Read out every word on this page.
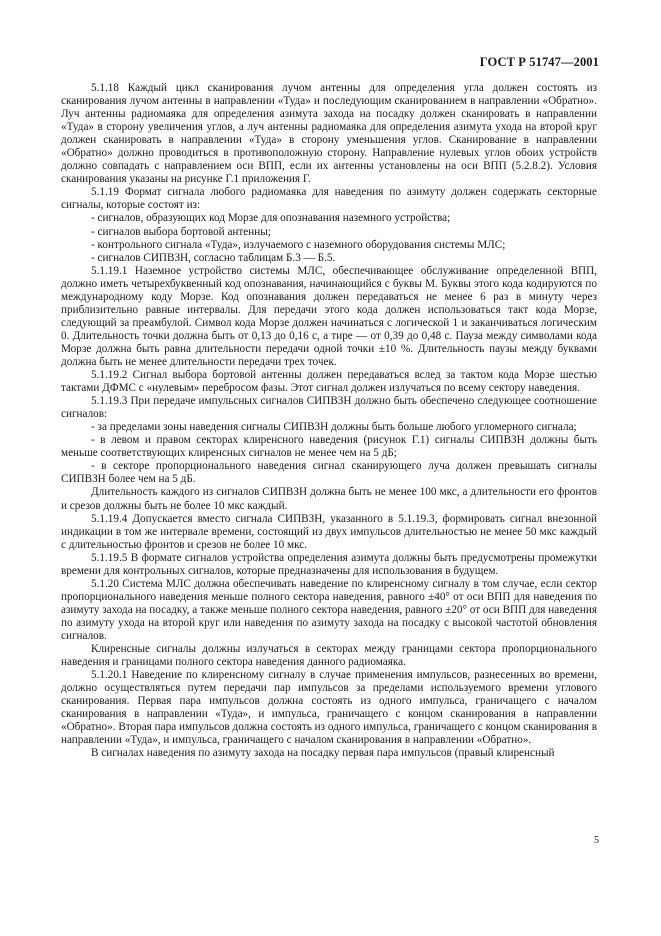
ГОСТ Р 51747—2001

5.1.18 Каждый цикл сканирования лучом антенны для определения угла должен состоять из сканирования лучом антенны в направлении «Туда» и последующим сканированием в направлении «Обратно». Луч антенны радиомаяка для определения азимута захода на посадку должен сканировать в направлении «Туда» в сторону увеличения углов, а луч антенны радиомаяка для определения азимута ухода на второй круг должен сканировать в направлении «Туда» в сторону уменьшения углов. Сканирование в направлении «Обратно» должно проводиться в противоположную сторону. Направление нулевых углов обоих устройств должно совпадать с направлением оси ВПП, если их антенны установлены на оси ВПП (5.2.8.2). Условия сканирования указаны на рисунке Г.1 приложения Г.

5.1.19 Формат сигнала любого радиомаяка для наведения по азимуту должен содержать секторные сигналы, которые состоят из:

- сигналов, образующих код Морзе для опознавания наземного устройства;

- сигналов выбора бортовой антенны;

- контрольного сигнала «Туда», излучаемого с наземного оборудования системы МЛС;

- сигналов СИПВЗН, согласно таблицам Б.3 — Б.5.

5.1.19.1 Наземное устройство системы МЛС, обеспечивающее обслуживание определенной ВПП, должно иметь четырехбуквенный код опознавания, начинающийся с буквы М. Буквы этого кода кодируются по международному коду Морзе. Код опознавания должен передаваться не менее 6 раз в минуту через приблизительно равные интервалы. Для передачи этого кода должен использоваться такт кода Морзе, следующий за преамбулой. Символ кода Морзе должен начинаться с логической 1 и заканчиваться логическим 0. Длительность точки должна быть от 0,13 до 0,16 с, а тире — от 0,39 до 0,48 с. Пауза между символами кода Морзе должна быть равна длительности передачи одной точки ±10 %. Длительность паузы между буквами должна быть не менее длительности передачи трех точек.

5.1.19.2 Сигнал выбора бортовой антенны должен передаваться вслед за тактом кода Морзе шестью тактами ДФМС с «нулевым» перебросом фазы. Этот сигнал должен излучаться по всему сектору наведения.

5.1.19.3 При передаче импульсных сигналов СИПВЗН должно быть обеспечено следующее соотношение сигналов:

- за пределами зоны наведения сигналы СИПВЗН должны быть больше любого угломерного сигнала;

- в левом и правом секторах клиренсного наведения (рисунок Г.1) сигналы СИПВЗН должны быть меньше соответствующих клиренсных сигналов не менее чем на 5 дБ;

- в секторе пропорционального наведения сигнал сканирующего луча должен превышать сигналы СИПВЗН более чем на 5 дБ.

Длительность каждого из сигналов СИПВЗН должна быть не менее 100 мкс, а длительности его фронтов и срезов должны быть не более 10 мкс каждый.

5.1.19.4 Допускается вместо сигнала СИПВЗН, указанного в 5.1.19.3, формировать сигнал внезонной индикации в том же интервале времени, состоящий из двух импульсов длительностью не менее 50 мкс каждый с длительностью фронтов и срезов не более 10 мкс.

5.1.19.5 В формате сигналов устройства определения азимута должны быть предусмотрены промежутки времени для контрольных сигналов, которые предназначены для использования в будущем.

5.1.20 Система МЛС должна обеспечивать наведение по клиренсному сигналу в том случае, если сектор пропорционального наведения меньше полного сектора наведения, равного ±40° от оси ВПП для наведения по азимуту захода на посадку, а также меньше полного сектора наведения, равного ±20° от оси ВПП для наведения по азимуту ухода на второй круг или наведения по азимуту захода на посадку с высокой частотой обновления сигналов.

Клиренсные сигналы должны излучаться в секторах между границами сектора пропорционального наведения и границами полного сектора наведения данного радиомаяка.

5.1.20.1 Наведение по клиренсному сигналу в случае применения импульсов, разнесенных во времени, должно осуществляться путем передачи пар импульсов за пределами используемого времени углового сканирования. Первая пара импульсов должна состоять из одного импульса, граничащего с началом сканирования в направлении «Туда», и импульса, граничащего с концом сканирования в направлении «Обратно». Вторая пара импульсов должна состоять из одного импульса, граничащего с концом сканирования в направлении «Туда», и импульса, граничащего с началом сканирования в направлении «Обратно».

В сигналах наведения по азимуту захода на посадку первая пара импульсов (правый клиренсный

5
